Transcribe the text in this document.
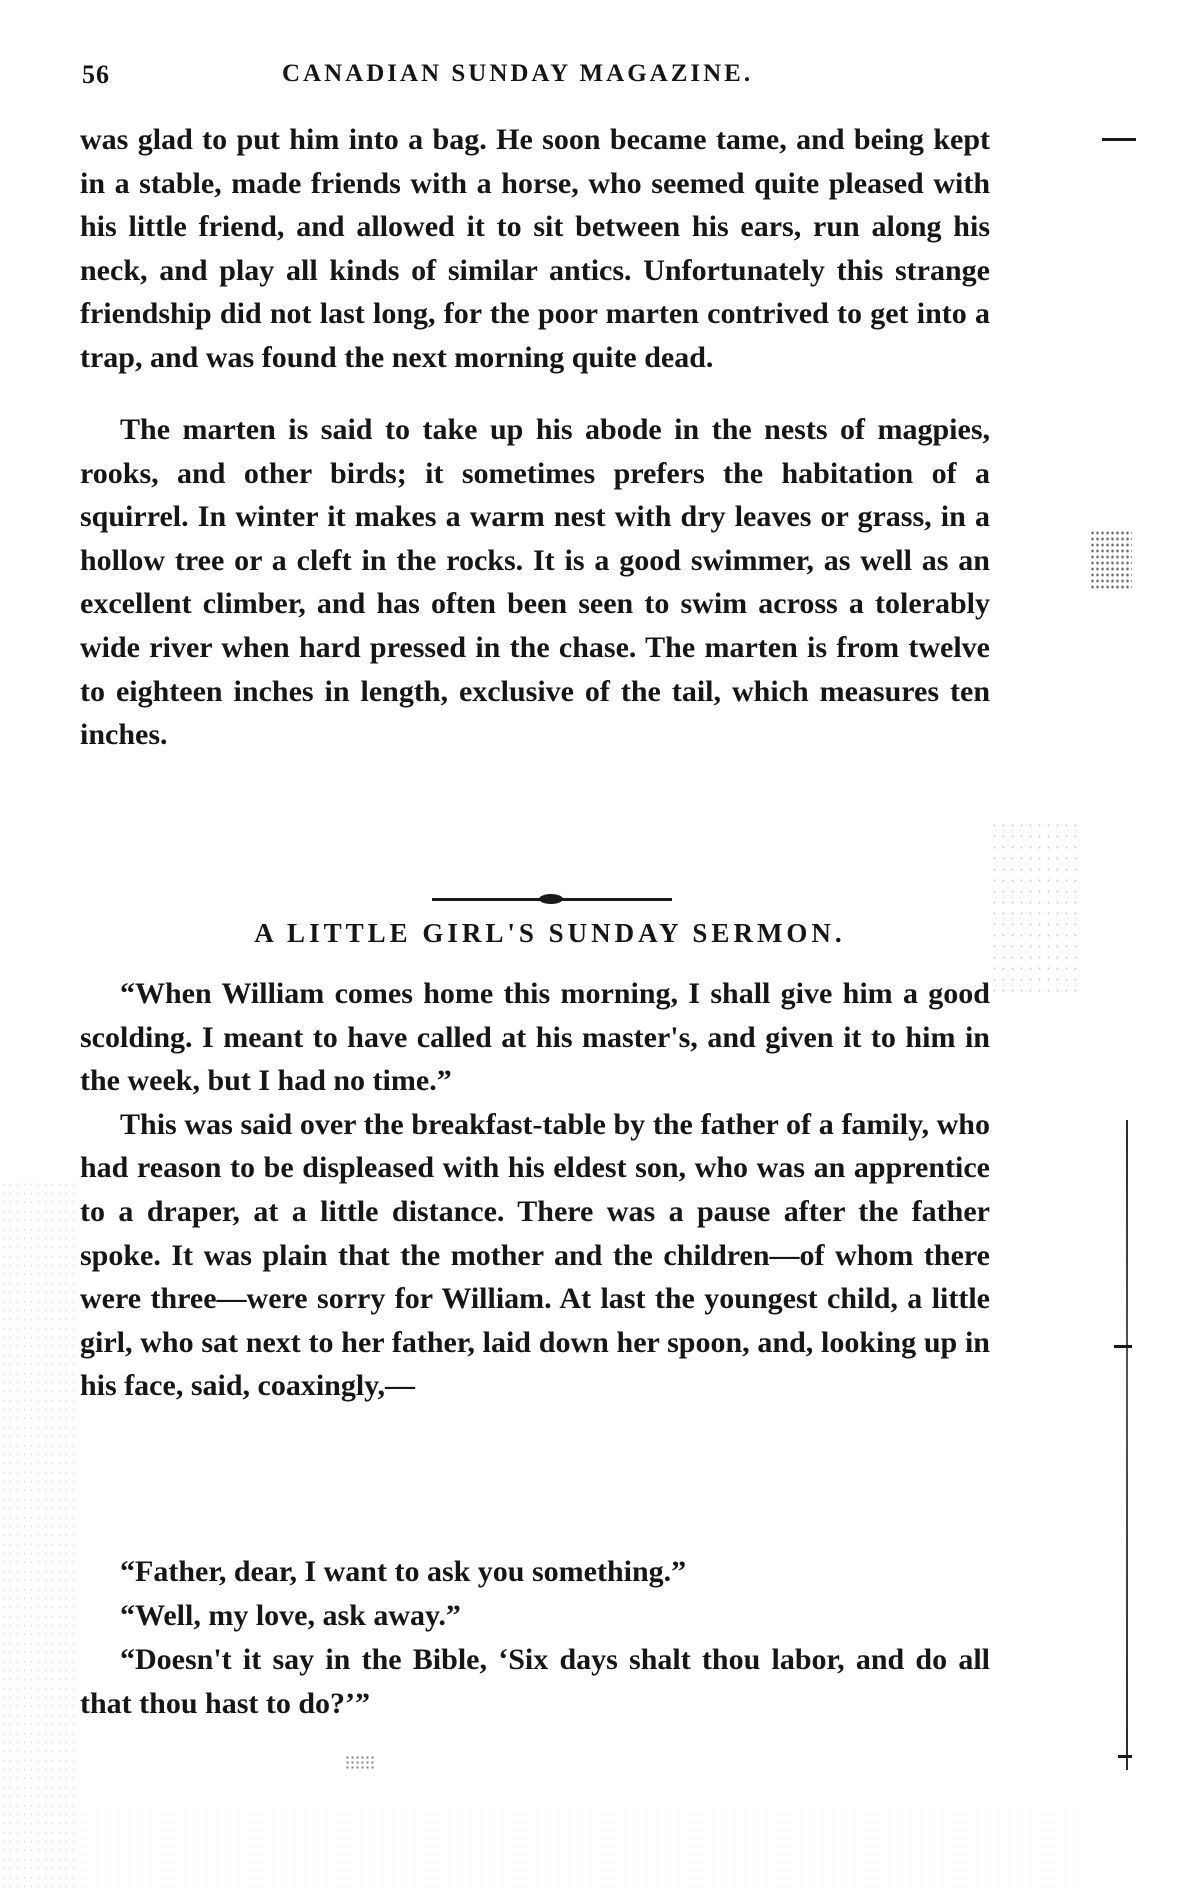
56	CANADIAN SUNDAY MAGAZINE.

was glad to put him into a bag. He soon became tame, and being kept in a stable, made friends with a horse, who seemed quite pleased with his little friend, and allowed it to sit between his ears, run along his neck, and play all kinds of similar antics. Unfortunately this strange friendship did not last long, for the poor marten contrived to get into a trap, and was found the next morning quite dead.

The marten is said to take up his abode in the nests of magpies, rooks, and other birds; it sometimes prefers the habitation of a squirrel. In winter it makes a warm nest with dry leaves or grass, in a hollow tree or a cleft in the rocks. It is a good swimmer, as well as an excellent climber, and has often been seen to swim across a tolerably wide river when hard pressed in the chase. The marten is from twelve to eighteen inches in length, exclusive of the tail, which measures ten inches.

A LITTLE GIRL'S SUNDAY SERMON.

“When William comes home this morning, I shall give him a good scolding. I meant to have called at his master's, and given it to him in the week, but I had no time.”

This was said over the breakfast-table by the father of a family, who had reason to be displeased with his eldest son, who was an apprentice to a draper, at a little distance. There was a pause after the father spoke. It was plain that the mother and the children—of whom there were three—were sorry for William. At last the youngest child, a little girl, who sat next to her father, laid down her spoon, and, looking up in his face, said, coaxingly,—

“Father, dear, I want to ask you something.”

“Well, my love, ask away.”

“Doesn't it say in the Bible, ‘Six days shalt thou labor, and do all that thou hast to do?’”
